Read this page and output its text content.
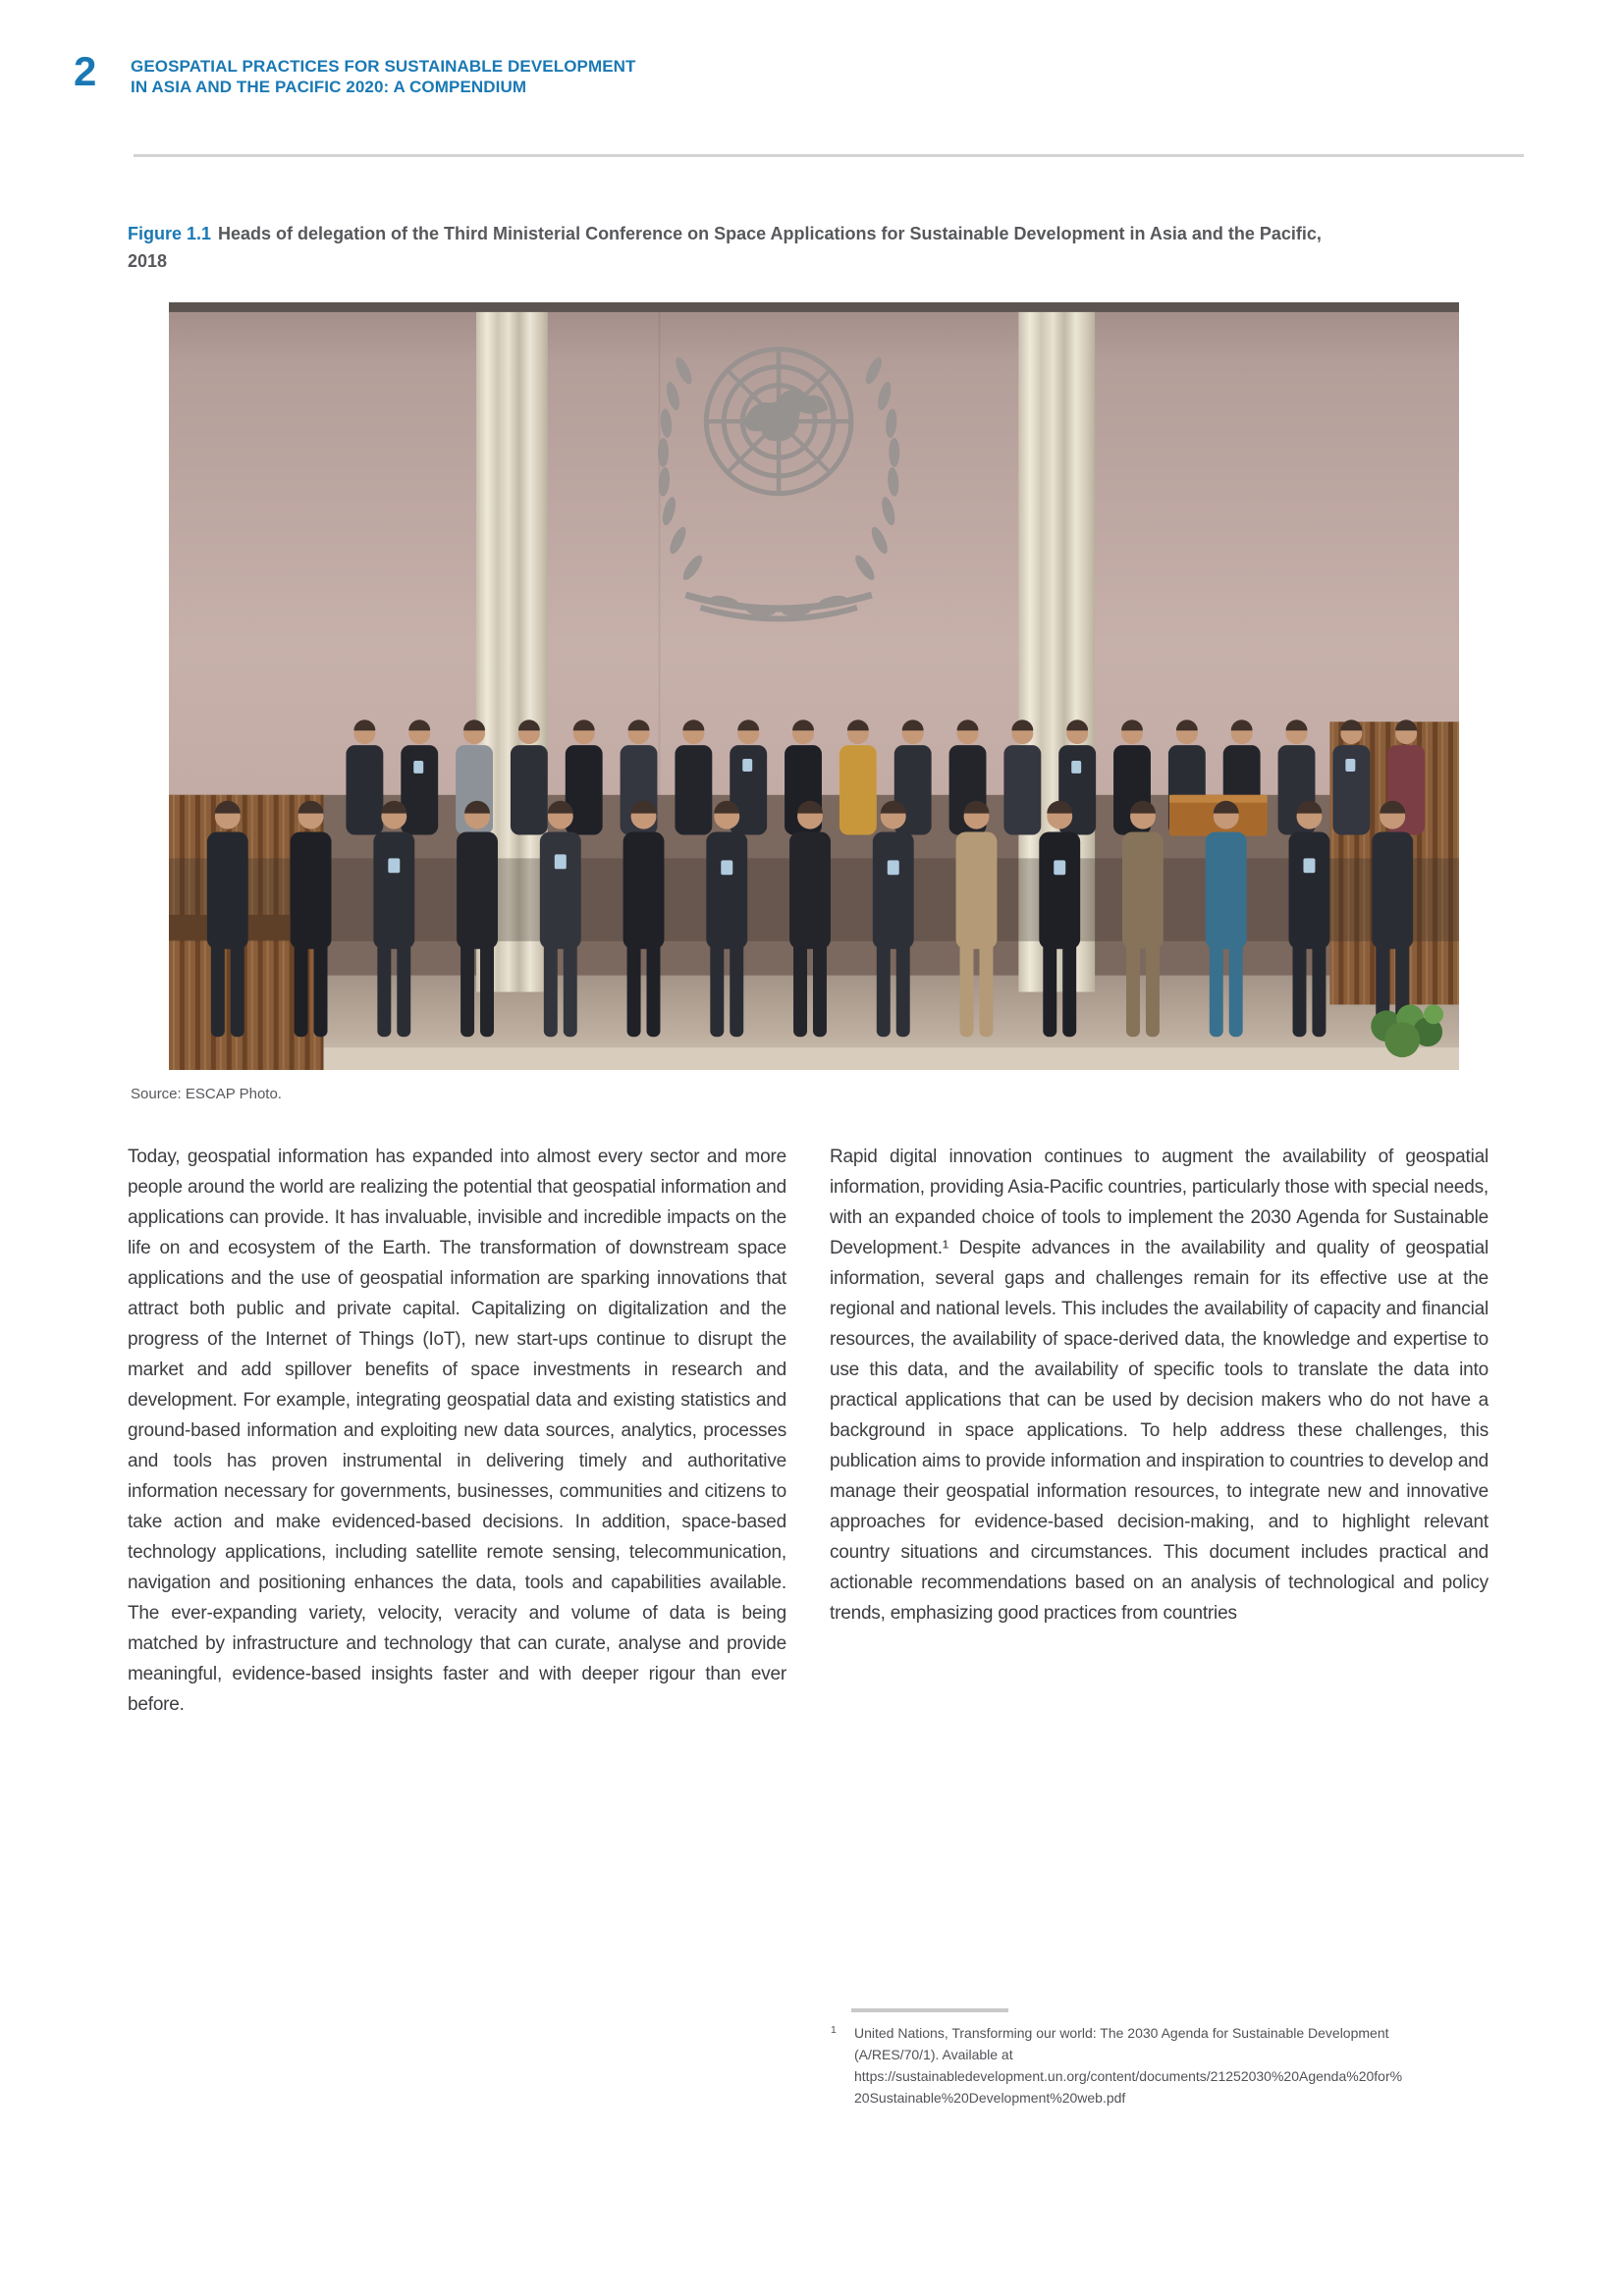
2 GEOSPATIAL PRACTICES FOR SUSTAINABLE DEVELOPMENT
IN ASIA AND THE PACIFIC 2020: A COMPENDIUM

Figure 1.1 Heads of delegation of the Third Ministerial Conference on Space Applications for Sustainable Development in Asia and the Pacific, 2018

Source: ESCAP Photo.
Today, geospatial information has expanded into almost every sector and more people around the world are realizing the potential that geospatial information and applications can provide. It has invaluable, invisible and incredible impacts on the life on and ecosystem of the Earth. The transformation of downstream space applications and the use of geospatial information are sparking innovations that attract both public and private capital. Capitalizing on digitalization and the progress of the Internet of Things (IoT), new start-ups continue to disrupt the market and add spillover benefits of space investments in research and development. For example, integrating geospatial data and existing statistics and ground-based information and exploiting new data sources, analytics, processes and tools has proven instrumental in delivering timely and authoritative information necessary for governments, businesses, communities and citizens to take action and make evidenced-based decisions. In addition, space-based technology applications, including satellite remote sensing, telecommunication, navigation and positioning enhances the data, tools and capabilities available. The ever-expanding variety, velocity, veracity and volume of data is being matched by infrastructure and technology that can curate, analyse and provide meaningful, evidence-based insights faster and with deeper rigour than ever before.
Rapid digital innovation continues to augment the availability of geospatial information, providing Asia-Pacific countries, particularly those with special needs, with an expanded choice of tools to implement the 2030 Agenda for Sustainable Development.¹ Despite advances in the availability and quality of geospatial information, several gaps and challenges remain for its effective use at the regional and national levels. This includes the availability of capacity and financial resources, the availability of space-derived data, the knowledge and expertise to use this data, and the availability of specific tools to translate the data into practical applications that can be used by decision makers who do not have a background in space applications. To help address these challenges, this publication aims to provide information and inspiration to countries to develop and manage their geospatial information resources, to integrate new and innovative approaches for evidence-based decision-making, and to highlight relevant country situations and circumstances. This document includes practical and actionable recommendations based on an analysis of technological and policy trends, emphasizing good practices from countries
1	United Nations, Transforming our world: The 2030 Agenda for Sustainable Development (A/RES/70/1). Available at https://sustainabledevelopment.un.org/content/documents/21252030%20Agenda%20for%20Sustainable%20Development%20web.pdf
